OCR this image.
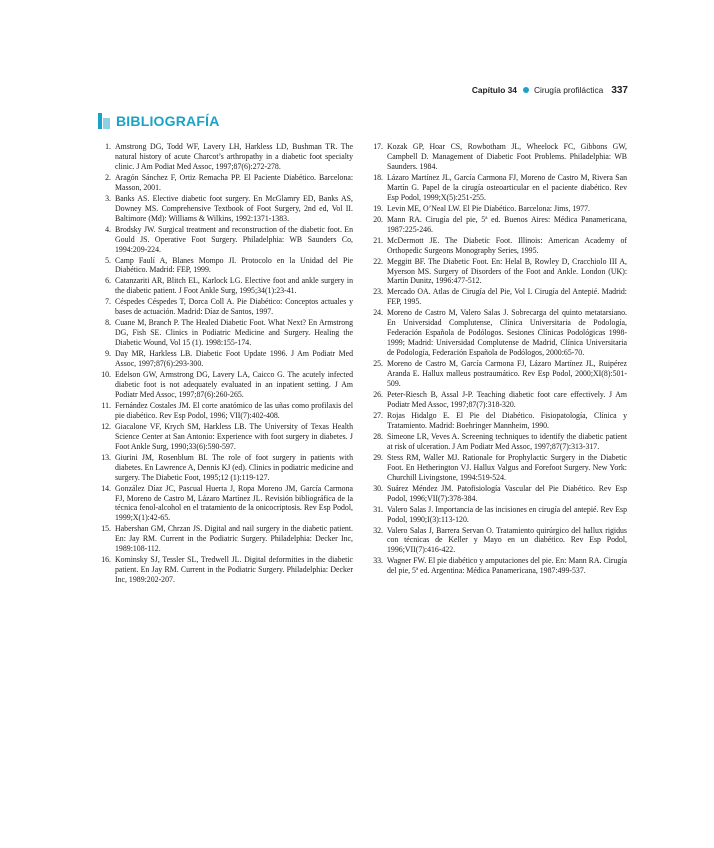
Capítulo 34 Cirugía profiláctica 337
BIBLIOGRAFÍA
1. Amstrong DG, Todd WF, Lavery LH, Harkless LD, Bushman TR. The natural history of acute Charcot’s arthropathy in a diabetic foot specialty clinic. J Am Podiat Med Assoc, 1997;87(6):272-278.
2. Aragón Sánchez F, Ortiz Remacha PP. El Paciente Diabético. Barcelona: Masson, 2001.
3. Banks AS. Elective diabetic foot surgery. En McGlamry ED, Banks AS, Downey MS. Comprehensive Textbook of Foot Surgery, 2nd ed, Vol II. Baltimore (Md): Williams & Wilkins, 1992:1371-1383.
4. Brodsky JW. Surgical treatment and reconstruction of the diabetic foot. En Gould JS. Operative Foot Surgery. Philadelphia: WB Saunders Co, 1994:209-224.
5. Camp Faulí A, Blanes Mompo JI. Protocolo en la Unidad del Pie Diabético. Madrid: FEP, 1999.
6. Catanzariti AR, Blitch EL, Karlock LG. Elective foot and ankle surgery in the diabetic patient. J Foot Ankle Surg, 1995;34(1):23-41.
7. Céspedes Céspedes T, Dorca Coll A. Pie Diabético: Conceptos actuales y bases de actuación. Madrid: Díaz de Santos, 1997.
8. Cuane M, Branch P. The Healed Diabetic Foot. What Next? En Armstrong DG, Fish SE. Clinics in Podiatric Medicine and Surgery. Healing the Diabetic Wound, Vol 15 (1). 1998:155-174.
9. Day MR, Harkless LB. Diabetic Foot Update 1996. J Am Podiatr Med Assoc, 1997;87(6):293-300.
10. Edelson GW, Armstrong DG, Lavery LA, Caicco G. The acutely infected diabetic foot is not adequately evaluated in an inpatient setting. J Am Podiatr Med Assoc, 1997;87(6):260-265.
11. Fernández Costales JM. El corte anatómico de las uñas como profilaxis del pie diabético. Rev Esp Podol, 1996; VII(7):402-408.
12. Giacalone VF, Krych SM, Harkless LB. The University of Texas Health Science Center at San Antonio: Experience with foot surgery in diabetes. J Foot Ankle Surg, 1990;33(6):590-597.
13. Giurini JM, Rosenblum BI. The role of foot surgery in patients with diabetes. En Lawrence A, Dennis KJ (ed). Clinics in podiatric medicine and surgery. The Diabetic Foot, 1995;12 (1):119-127.
14. González Díaz JC, Pascual Huerta J, Ropa Moreno JM, García Carmona FJ, Moreno de Castro M, Lázaro Martínez JL. Revisión bibliográfica de la técnica fenol-alcohol en el tratamiento de la onicocriptosis. Rev Esp Podol, 1999;X(1):42-65.
15. Habershan GM, Chrzan JS. Digital and nail surgery in the diabetic patient. En: Jay RM. Current in the Podiatric Surgery. Philadelphia: Decker Inc, 1989:108-112.
16. Kominsky SJ, Tessler SL, Tredwell JL. Digital deformities in the diabetic patient. En Jay RM. Current in the Podiatric Surgery. Philadelphia: Decker Inc, 1989:202-207.
17. Kozak GP, Hoar CS, Rowbotham JL, Wheelock FC, Gibbons GW, Campbell D. Management of Diabetic Foot Problems. Philadelphia: WB Saunders. 1984.
18. Lázaro Martínez JL, García Carmona FJ, Moreno de Castro M, Rivera San Martín G. Papel de la cirugía osteoarticular en el paciente diabético. Rev Esp Podol, 1999;X(5):251-255.
19. Levin ME, O’Neal LW. El Pie Diabético. Barcelona: Jims, 1977.
20. Mann RA. Cirugía del pie, 5ª ed. Buenos Aires: Médica Panamericana, 1987:225-246.
21. McDermott JE. The Diabetic Foot. Illinois: American Academy of Orthopedic Surgeons Monography Series, 1995.
22. Meggitt BF. The Diabetic Foot. En: Helal B, Rowley D, Cracchiolo III A, Myerson MS. Surgery of Disorders of the Foot and Ankle. London (UK): Martin Dunitz, 1996:477-512.
23. Mercado OA. Atlas de Cirugía del Pie, Vol I. Cirugía del Antepié. Madrid: FEP, 1995.
24. Moreno de Castro M, Valero Salas J. Sobrecarga del quinto metatarsiano. En Universidad Complutense, Clínica Universitaria de Podología, Federación Española de Podólogos. Sesiones Clínicas Podológicas 1998-1999; Madrid: Universidad Complutense de Madrid, Clínica Universitaria de Podología, Federación Española de Podólogos, 2000:65-70.
25. Moreno de Castro M, García Carmona FJ, Lázaro Martínez JL, Ruipérez Aranda E. Hallux malleus postraumático. Rev Esp Podol, 2000;XI(8):501-509.
26. Peter-Riesch B, Assal J-P. Teaching diabetic foot care effectively. J Am Podiatr Med Assoc, 1997;87(7):318-320.
27. Rojas Hidalgo E. El Pie del Diabético. Fisiopatología, Clínica y Tratamiento. Madrid: Boehringer Mannheim, 1990.
28. Simeone LR, Veves A. Screening techniques to identify the diabetic patient at risk of ulceration. J Am Podiatr Med Assoc, 1997;87(7):313-317.
29. Stess RM, Waller MJ. Rationale for Prophylactic Surgery in the Diabetic Foot. En Hetherington VJ. Hallux Valgus and Forefoot Surgery. New York: Churchill Livingstone, 1994:519-524.
30. Suárez Méndez JM. Patofisiología Vascular del Pie Diabético. Rev Esp Podol, 1996;VII(7):378-384.
31. Valero Salas J. Importancia de las incisiones en cirugía del antepié. Rev Esp Podol, 1990;I(3):113-120.
32. Valero Salas J, Barrera Servan O. Tratamiento quirúrgico del hallux rigidus con técnicas de Keller y Mayo en un diabético. Rev Esp Podol, 1996;VII(7):416-422.
33. Wagner FW. El pie diabético y amputaciones del pie. En: Mann RA. Cirugía del pie, 5ª ed. Argentina: Médica Panamericana, 1987:499-537.
